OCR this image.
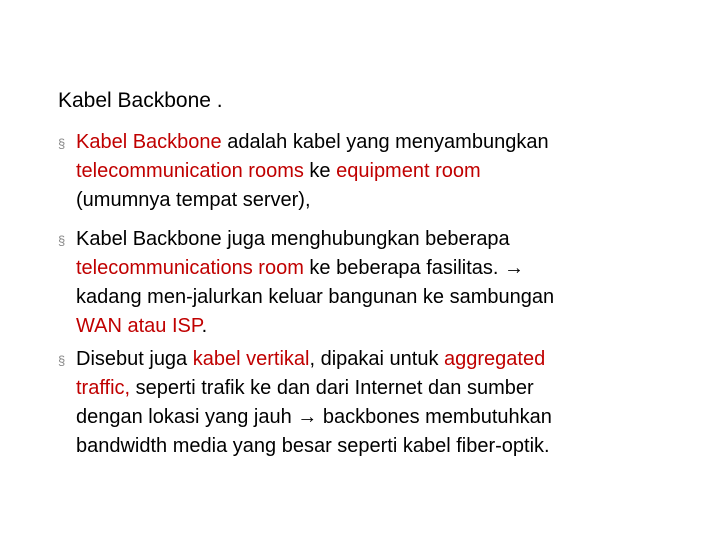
Kabel Backbone .
§ Kabel Backbone adalah kabel yang menyambungkan
telecommunication rooms ke equipment room
(umumnya tempat server),
§ Kabel Backbone juga menghubungkan beberapa
telecommunications room ke beberapa fasilitas. →
kadang men-jalurkan keluar bangunan ke sambungan
WAN atau ISP.
§ Disebut juga kabel vertikal, dipakai untuk aggregated
traffic, seperti trafik ke dan dari Internet dan sumber
dengan lokasi yang jauh → backbones membutuhkan
bandwidth media yang besar seperti kabel fiber-optik.
